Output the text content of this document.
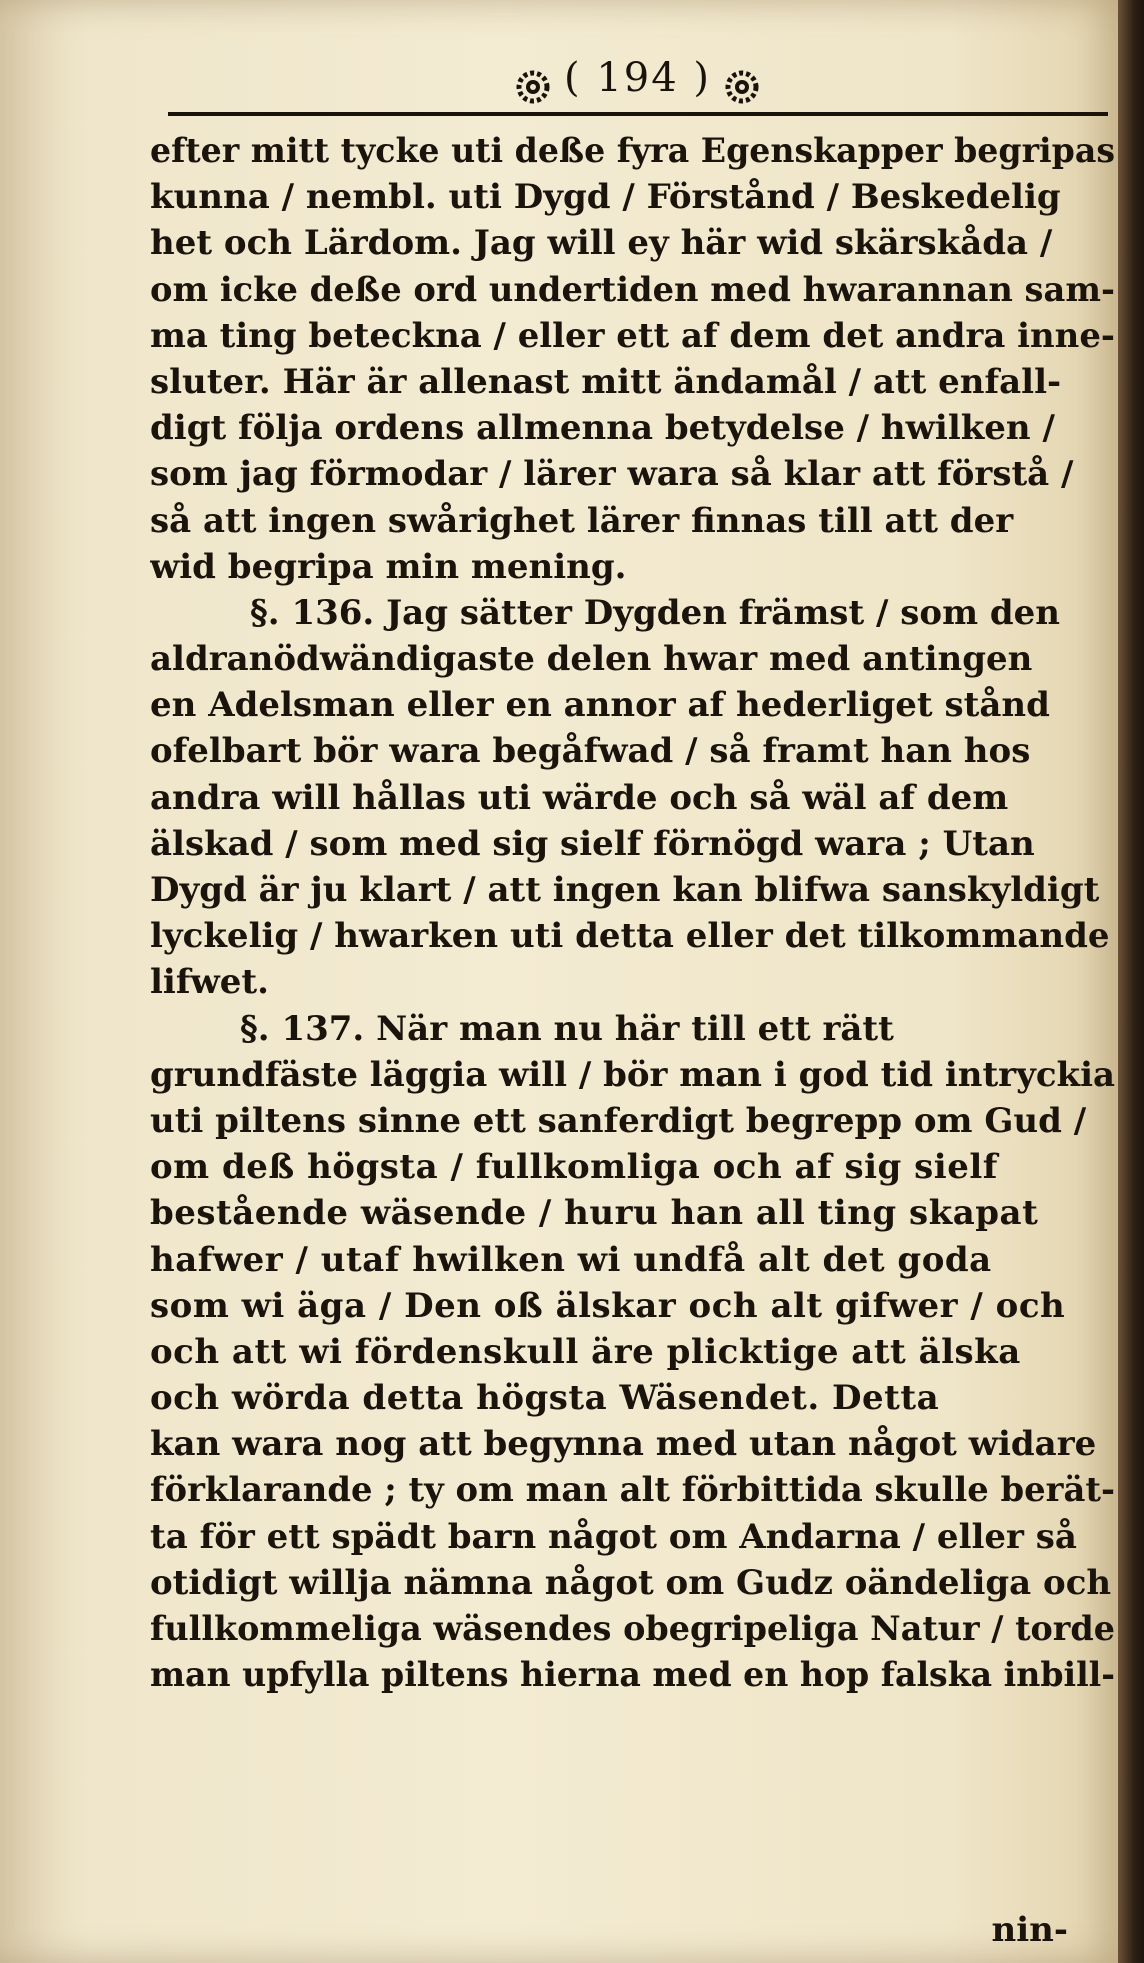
( 194 )
efter mitt tycke uti deße fyra Egenskapper begripas
kunna / nembl. uti Dygd / Förstånd / Beskedelig
het och Lärdom. Jag will ey här wid skärskåda /
om icke deße ord undertiden med hwarannan sam-
ma ting beteckna / eller ett af dem det andra inne-
sluter. Här är allenast mitt ändamål / att enfall-
digt följa ordens allmenna betydelse / hwilken /
som jag förmodar / lärer wara så klar att förstå /
så att ingen swårighet lärer finnas till att der
wid begripa min mening.
§. 136. Jag sätter Dygden främst / som den
aldranödwändigaste delen hwar med antingen
en Adelsman eller en annor af hederliget stånd
ofelbart bör wara begåfwad / så framt han hos
andra will hållas uti wärde och så wäl af dem
älskad / som med sig sielf förnögd wara ; Utan
Dygd är ju klart / att ingen kan blifwa sanskyldigt
lyckelig / hwarken uti detta eller det tilkommande
lifwet.
§. 137. När man nu här till ett rätt
grundfäste läggia will / bör man i god tid intryckia
uti piltens sinne ett sanferdigt begrepp om Gud /
om deß högsta / fullkomliga och af sig sielf
bestående wäsende / huru han all ting skapat
hafwer / utaf hwilken wi undfå alt det goda
som wi äga / Den oß älskar och alt gifwer / och
och att wi fördenskull äre plicktige att älska
och wörda detta högsta Wäsendet. Detta
kan wara nog att begynna med utan något widare
förklarande ; ty om man alt förbittida skulle berät-
ta för ett spädt barn något om Andarna / eller så
otidigt willja nämna något om Gudz oändeliga och
fullkommeliga wäsendes obegripeliga Natur / torde
man upfylla piltens hierna med en hop falska inbill-
nin-
